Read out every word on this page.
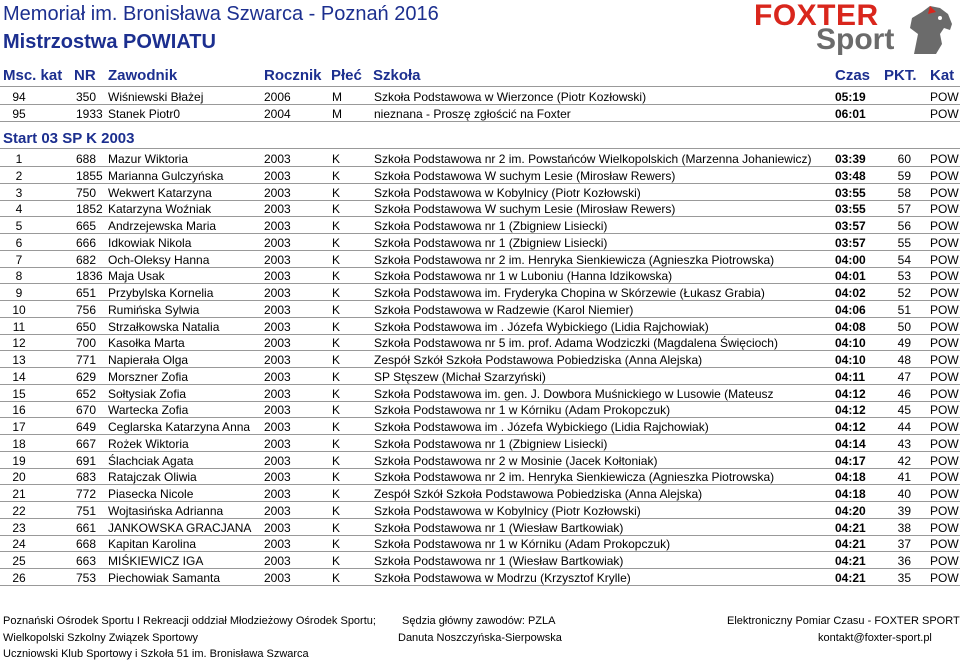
Memoriał im. Bronisława Szwarca - Poznań 2016
Mistrzostwa POWIATU
FOXTER
Sport
Msc. kat NR Zawodnik	Rocznik Płeć Szkoła	Czas PKT. Kat
94	350 Wiśniewski Błażej	2006	M	Szkoła Podstawowa w Wierzonce (Piotr Kozłowski)	05:19	POW
95	1933 Stanek Piotr0	2004	M	nieznana - Proszę zgłościć na Foxter	06:01	POW
Start 03 SP K 2003
1	688 Mazur Wiktoria	2003	K	Szkoła Podstawowa nr 2 im. Powstańców Wielkopolskich (Marzenna Johaniewicz)	03:39	60 POW
2	1855 Marianna Gulczyńska	2003	K	Szkoła Podstawowa W suchym Lesie (Mirosław Rewers)	03:48	59 POW
3	750 Wekwert Katarzyna	2003	K	Szkoła Podstawowa w Kobylnicy (Piotr Kozłowski)	03:55	58 POW
4	1852 Katarzyna Woźniak	2003	K	Szkoła Podstawowa W suchym Lesie (Mirosław Rewers)	03:55	57 POW
5	665 Andrzejewska Maria	2003	K	Szkoła Podstawowa nr 1 (Zbigniew Lisiecki)	03:57	56 POW
6	666 Idkowiak Nikola	2003	K	Szkoła Podstawowa nr 1 (Zbigniew Lisiecki)	03:57	55 POW
7	682 Och-Oleksy Hanna	2003	K	Szkoła Podstawowa nr 2 im. Henryka Sienkiewicza (Agnieszka Piotrowska)	04:00	54 POW
8	1836 Maja Usak	2003	K	Szkoła Podstawowa nr 1 w Luboniu (Hanna Idzikowska)	04:01	53 POW
9	651 Przybylska Kornelia	2003	K	Szkoła Podstawowa im. Fryderyka Chopina w Skórzewie (Łukasz Grabia)	04:02	52 POW
10	756 Rumińska Sylwia	2003	K	Szkoła Podstawowa w Radzewie (Karol Niemier)	04:06	51 POW
11	650 Strzałkowska Natalia	2003	K	Szkoła Podstawowa im . Józefa Wybickiego (Lidia Rajchowiak)	04:08	50 POW
12	700 Kasołka Marta	2003	K	Szkoła Podstawowa nr 5 im. prof. Adama Wodziczki (Magdalena Święcioch)	04:10	49 POW
13	771 Napierała Olga	2003	K	Zespół Szkół Szkoła Podstawowa Pobiedziska (Anna Alejska)	04:10	48 POW
14	629 Morszner Zofia	2003	K	SP Stęszew (Michał Szarzyński)	04:11	47 POW
15	652 Sołtysiak Zofia	2003	K	Szkoła Podstawowa im. gen. J. Dowbora Muśnickiego w Lusowie (Mateusz	04:12	46 POW
16	670 Wartecka Zofia	2003	K	Szkoła Podstawowa nr 1 w Kórniku (Adam Prokopczuk)	04:12	45 POW
17	649 Ceglarska Katarzyna Anna	2003	K	Szkoła Podstawowa im . Józefa Wybickiego (Lidia Rajchowiak)	04:12	44 POW
18	667 Rożek Wiktoria	2003	K	Szkoła Podstawowa nr 1 (Zbigniew Lisiecki)	04:14	43 POW
19	691 Ślachciak Agata	2003	K	Szkoła Podstawowa nr 2 w Mosinie (Jacek Kołtoniak)	04:17	42 POW
20	683 Ratajczak Oliwia	2003	K	Szkoła Podstawowa nr 2 im. Henryka Sienkiewicza (Agnieszka Piotrowska)	04:18	41 POW
21	772 Piasecka Nicole	2003	K	Zespół Szkół Szkoła Podstawowa Pobiedziska (Anna Alejska)	04:18	40 POW
22	751 Wojtasińska Adrianna	2003	K	Szkoła Podstawowa w Kobylnicy (Piotr Kozłowski)	04:20	39 POW
23	661 JANKOWSKA GRACJANA	2003	K	Szkoła Podstawowa nr 1 (Wiesław Bartkowiak)	04:21	38 POW
24	668 Kapitan Karolina	2003	K	Szkoła Podstawowa nr 1 w Kórniku (Adam Prokopczuk)	04:21	37 POW
25	663 MIŚKIEWICZ IGA	2003	K	Szkoła Podstawowa nr 1 (Wiesław Bartkowiak)	04:21	36 POW
26	753 Piechowiak Samanta	2003	K	Szkoła Podstawowa w Modrzu (Krzysztof Krylle)	04:21	35 POW
Poznański Ośrodek Sportu I Rekreacji oddział Młodzieżowy Ośrodek Sportu;
Wielkopolski Szkolny Związek Sportowy
Uczniowski Klub Sportowy i Szkoła 51 im. Bronisława Szwarca
Sędzia główny zawodów: PZLA
Danuta Noszczyńska-Sierpowska
Elektroniczny Pomiar Czasu - FOXTER SPORT
kontakt@foxter-sport.pl
